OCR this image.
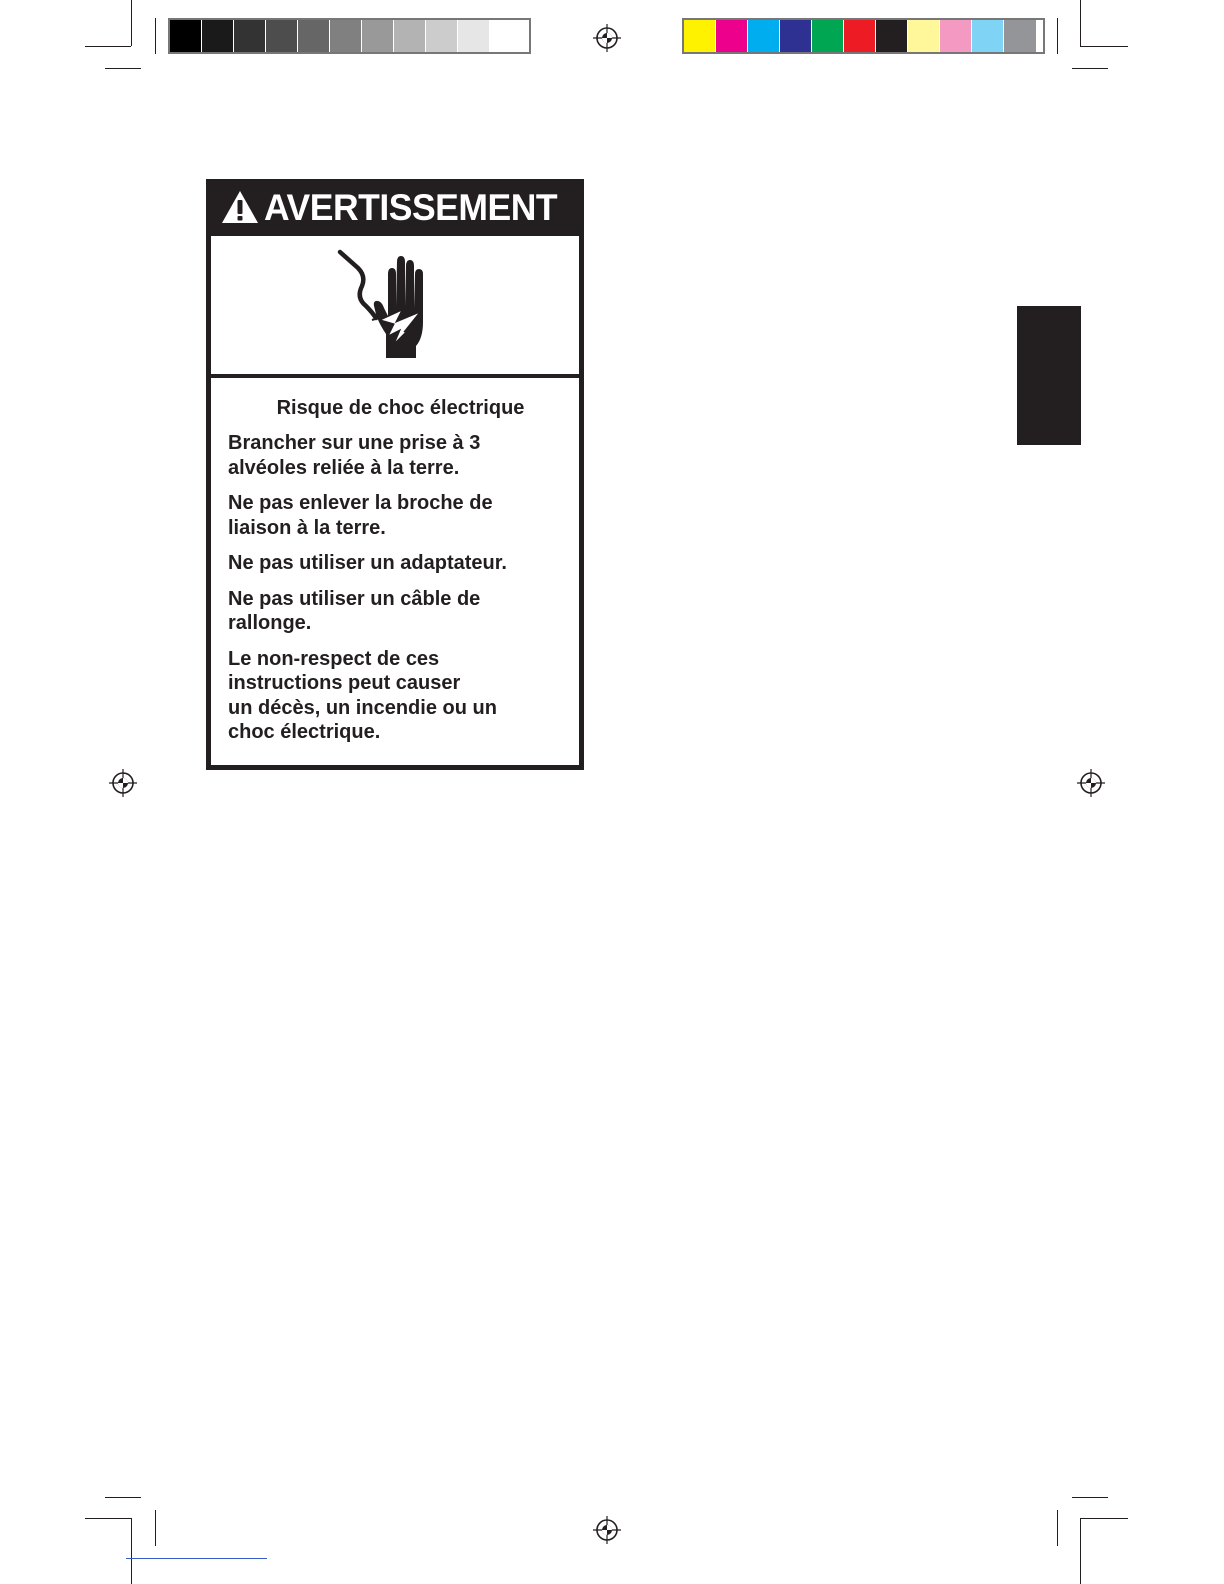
AVERTISSEMENT

Risque de choc électrique

Brancher sur une prise à 3
alvéoles reliée à la terre.

Ne pas enlever la broche de
liaison à la terre.

Ne pas utiliser un adaptateur.

Ne pas utiliser un câble de
rallonge.

Le non-respect de ces
instructions peut causer
un décès, un incendie ou un
choc électrique.
